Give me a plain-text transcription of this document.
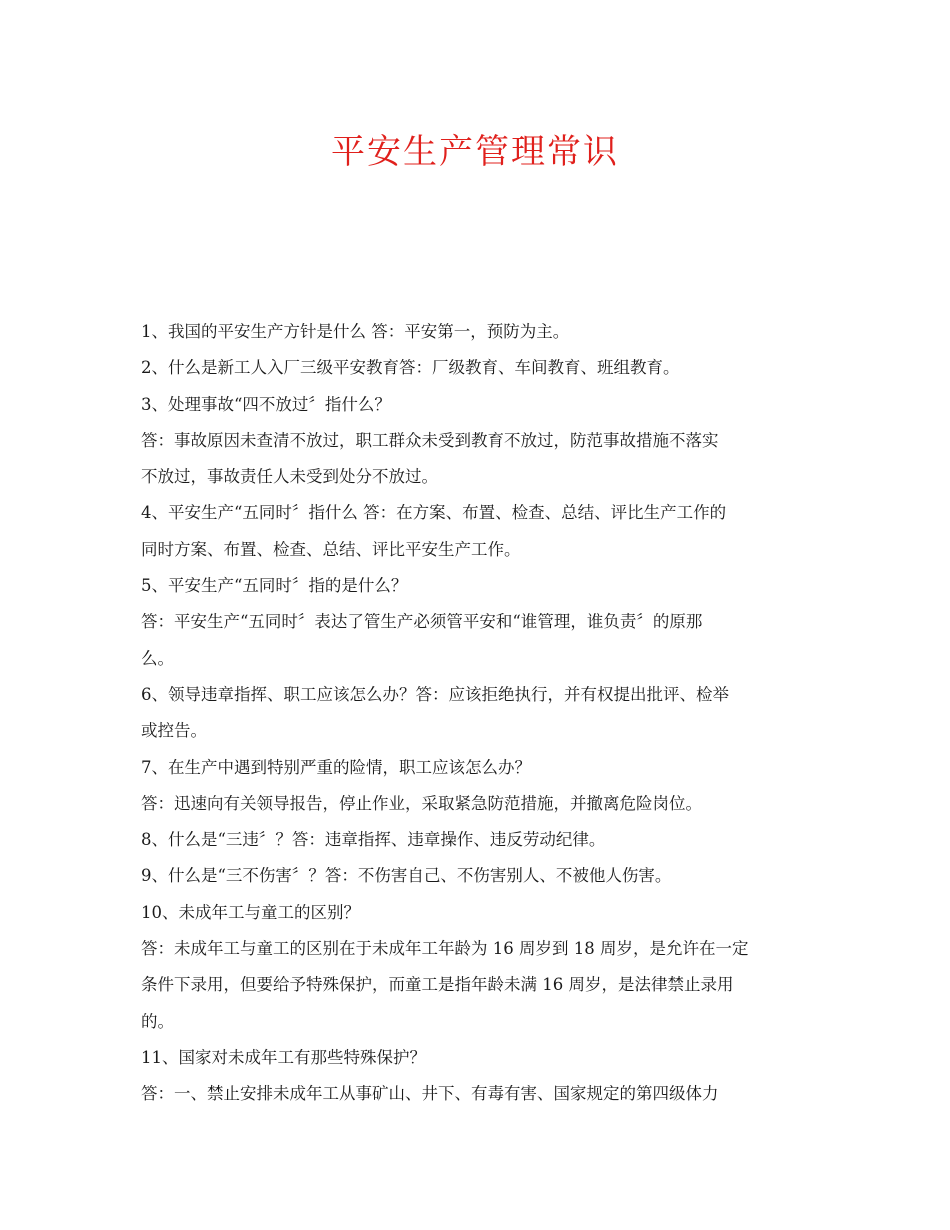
平安生产管理常识
1、我国的平安生产方针是什么 答：平安第一，预防为主。
2、什么是新工人入厂三级平安教育答：厂级教育、车间教育、班组教育。
3、处理事故“四不放过〞指什么？
答：事故原因未查清不放过，职工群众未受到教育不放过，防范事故措施不落实
不放过，事故责任人未受到处分不放过。
4、平安生产“五同时〞指什么 答：在方案、布置、检查、总结、评比生产工作的
同时方案、布置、检查、总结、评比平安生产工作。
5、平安生产“五同时〞指的是什么？
答：平安生产“五同时〞表达了管生产必须管平安和“谁管理，谁负责〞的原那
么。
6、领导违章指挥、职工应该怎么办？答：应该拒绝执行，并有权提出批评、检举
或控告。
7、在生产中遇到特别严重的险情，职工应该怎么办？
答：迅速向有关领导报告，停止作业，采取紧急防范措施，并撤离危险岗位。
8、什么是“三违〞？答：违章指挥、违章操作、违反劳动纪律。
9、什么是“三不伤害〞？答：不伤害自己、不伤害别人、不被他人伤害。
10、未成年工与童工的区别？
答：未成年工与童工的区别在于未成年工年龄为 16 周岁到 18 周岁，是允许在一定
条件下录用，但要给予特殊保护，而童工是指年龄未满 16 周岁，是法律禁止录用
的。
11、国家对未成年工有那些特殊保护？
答：一、禁止安排未成年工从事矿山、井下、有毒有害、国家规定的第四级体力
